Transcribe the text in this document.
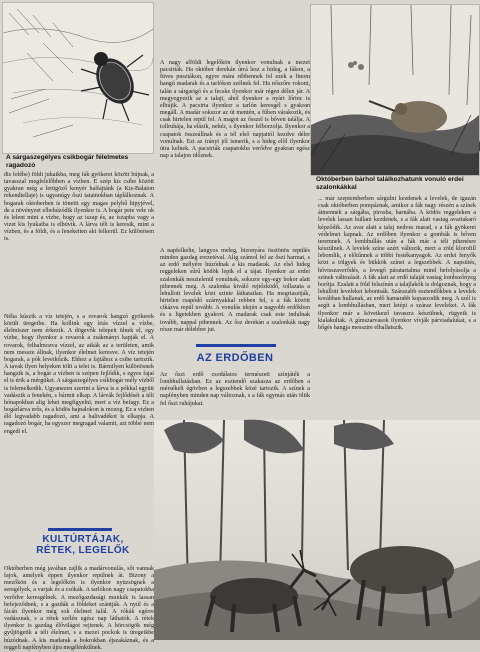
A sárgaszegélyes csikbogár félelmetes ragadozó

dis felébe) földi jukaikba, meg fák gyökerei között bújnak, a tavasszal megfelelőbben a vízben. E szép kis csibe között gyakran még a lerügöző kenyér halfajtánk (a Kis-Balaton rekendiellaje) is ugyanúgy őszi tatainokban táplálkoznak. A bogarak oktoberben is tömött egy magas pelyhű hipyjével, de a növényzet elbehúzódik ilyenkor is. A bogár pete vele ok és lelent mint a vízbe, hogy az iszap és, az iszapba vagy a vizet kis lyukaiba is elbúvik. A lárva téli is keresik, mint a vízben, és a földi, és a fenekeiten aki felkerül. Ez különösen is.

Néha kúszik a víz tetején, s a rovarok hangzó gyökerek körüli üregeibe. Ha kollink egy írtás vízzel a vízbe, élelmiszer nem érkezik. A dögevők telepeit ülnek el, egy vízbe, hogy ilyenkor a rovarok a zsákmányt kapják el. A rovarok, felhalmozva vízzel, az atkák az a területen, amik nem messze állnak, ilyenkor élelmet keresve. A víz tetején bogarak, a pók levetkőzik. Ehhez a fajtához a csibe tartozik. A tavak ilyen helyeken tölti a telet is. Bármilyen különösnek hangzik is, a bogár a vízben is szépen fejlődik, s egyes fajai el is érik a mérgüket. A sárgaszegélyes csíkbogár mély vízből is felemelkedik. Ugyanezen szerint a lárva is a pókkal együtt vadászik a fenekén, s bármit elkap. A lárvák fejlődését a téli hónapokban alig lehet megfigyelni, mert a víz befagy. Ez a bogárlárva erős, és a ködös hajnalokon is mozog. Ez a vízben élő legvadabb ragadozó, ami a halivadékot is elkapja. A ragadozó bogár, ha egyszer megragad valamit, azt többé nem engedi el.

KULTÚRTÁJAK,
RÉTEK, LEGELŐK

Októberben még javában zajlik a madárvonulás, sőt vannak fajok, amelyek éppen ilyenkor repülnek át. Bizony a mezőkön és a legelőkön is ilyenkor nyüzsögnek a seregélyek, a varjak és a csókák. A tarlókon nagy csapatokba verődve keresgélnek. A mezőgazdasági munkák is lassan befejeződnek, s a gazdák a földeket szántják. A nyúl és a fácán ilyenkor még sok élelmet talál. A rókák egérre vadásznak, s a rétek szélén egész nap láthatók. A rétek ilyenkor is gazdag élővilágot rejtenek. A hörcsögök még gyűjtögetik a téli élelmet, s a mezei pockok is üregeikbe húzódnak. A kis madarak a bokrokban éjszakáznak, és a reggeli napfényben újra megélénkülnek.

A nagy alföldi legelőkön ilyenkor vonulnak a mezei pacsirták. Ha október derekán úrrá lesz a hideg, a fákon, a füves pusztákon, egyre mára rébbennek fel ezek a finom hangú madarak és a tarlókon szélnek fel. Ha nőszőre rokont, talán a sárgarigó és a fecske ilyenkor már régen délen jár. A megyegyezik az a talajt, ahol ilyenkor a nyári lőrinc is elbújik. A pacsirta ilyenkor a tarlón keresgél s gyakran megáll. A madár sokszor az út mentén, a fűben várakozik, és csak hirtelen repül fel. A magot az ősszel is bőven találja. A tollruhája, ha elázik, nehéz, s ilyenkor felborzolja. Ilyenkor a csapatok összeállnak és a tél első napjaitól kezdve délre vonulnak. Ezt az irányt jól ismerik, s a hideg elől ilyenkor útra kelnek. A pacsirták csapatokba verődve gyakran egész nap a talajon időznek.

A napfelkelte, langyos meleg, bizonyára ösztönös repülés minden gazdag erezetéval. Alig számol fel az őszi harmat, s az erdő mélyére húzódnak a kis madarak. Az első hideg reggeleken sűrű ködök lepik el a tájat. Ilyenkor az erdei szalonkák nesztelenül vonulnak, sokszor egy-egy bokor alatt pihennek meg. A szalonka kiváló rejtőzködő, tollazata a lehullott levelek közt szinte láthatatlan. Ha megriasztják, hirtelen csapódó szárnyakkal rebben fel, s a fák között cikázva repül tovább. A vonulás idején a nagyobb erdőkben és a ligetekben gyakori. A madarak csak este indulnak tovább, nappal pihennek. Az ősz derekán a szalonkák nagy része már délebbre jut.

AZ ERDŐBEN

Az őszi erdő csodálatos természeti színjáték a lombhullatásban. Ez az esztendő szakasza az erdőben a mérsékelt égövben a legszebbek közé tartozik. A színek a napfényben minden nap változnak, s a fák egymás után öltik fel őszi ruhájukat.

Októberben bárhol találkozhatunk vonuló erdei szalonkákkal

... már szeptemberben sárgulni kezdenek a levelek, de igazán csak októberben pompáznak, amikor a fák nagy részén a színek átmennek a sárgába, pirosba, barnába. A ködös reggeleken a levelek lassan hullani kezdenek, s a fák alatt vastag avartakaró képződik. Az avar alatt a talaj nedves marad, s a fák gyökerei védelmet kapnak. Az erdőben ilyenkor a gombák is bőven teremnek. A lombhullás után a fák már a téli pihenésre készülnek. A levelek színe azért változik, mert a zöld klorofill lebomlik, s előtűnnek a többi festékanyagok. Az erdei fenyők közt a tölgyek és bükkök színei a legszebbek. A napsütés, hővisszaverődés, a levegő páratartalma mind befolyásolja a színek változását. A fák alatt az erdő talaját vastag lombszőnyeg borítja. Ezalatt a föld felszínén a talajlakók is dolgoznak, hogy a lehullott leveleket lebontsák. Szárazabb esztendőkben a levelek korábban hullanak, az erdő hamarabb kopaszodik meg. A szél is segít a lombhullásban, mert letépi a száraz leveleket. A fák ilyenkor már a következő tavaszra készülnek, rügyeik is kialakultak. A gímszarvasok ilyenkor vívják párviadalukat, s a bőgés hangja messzire elhallatszik.
